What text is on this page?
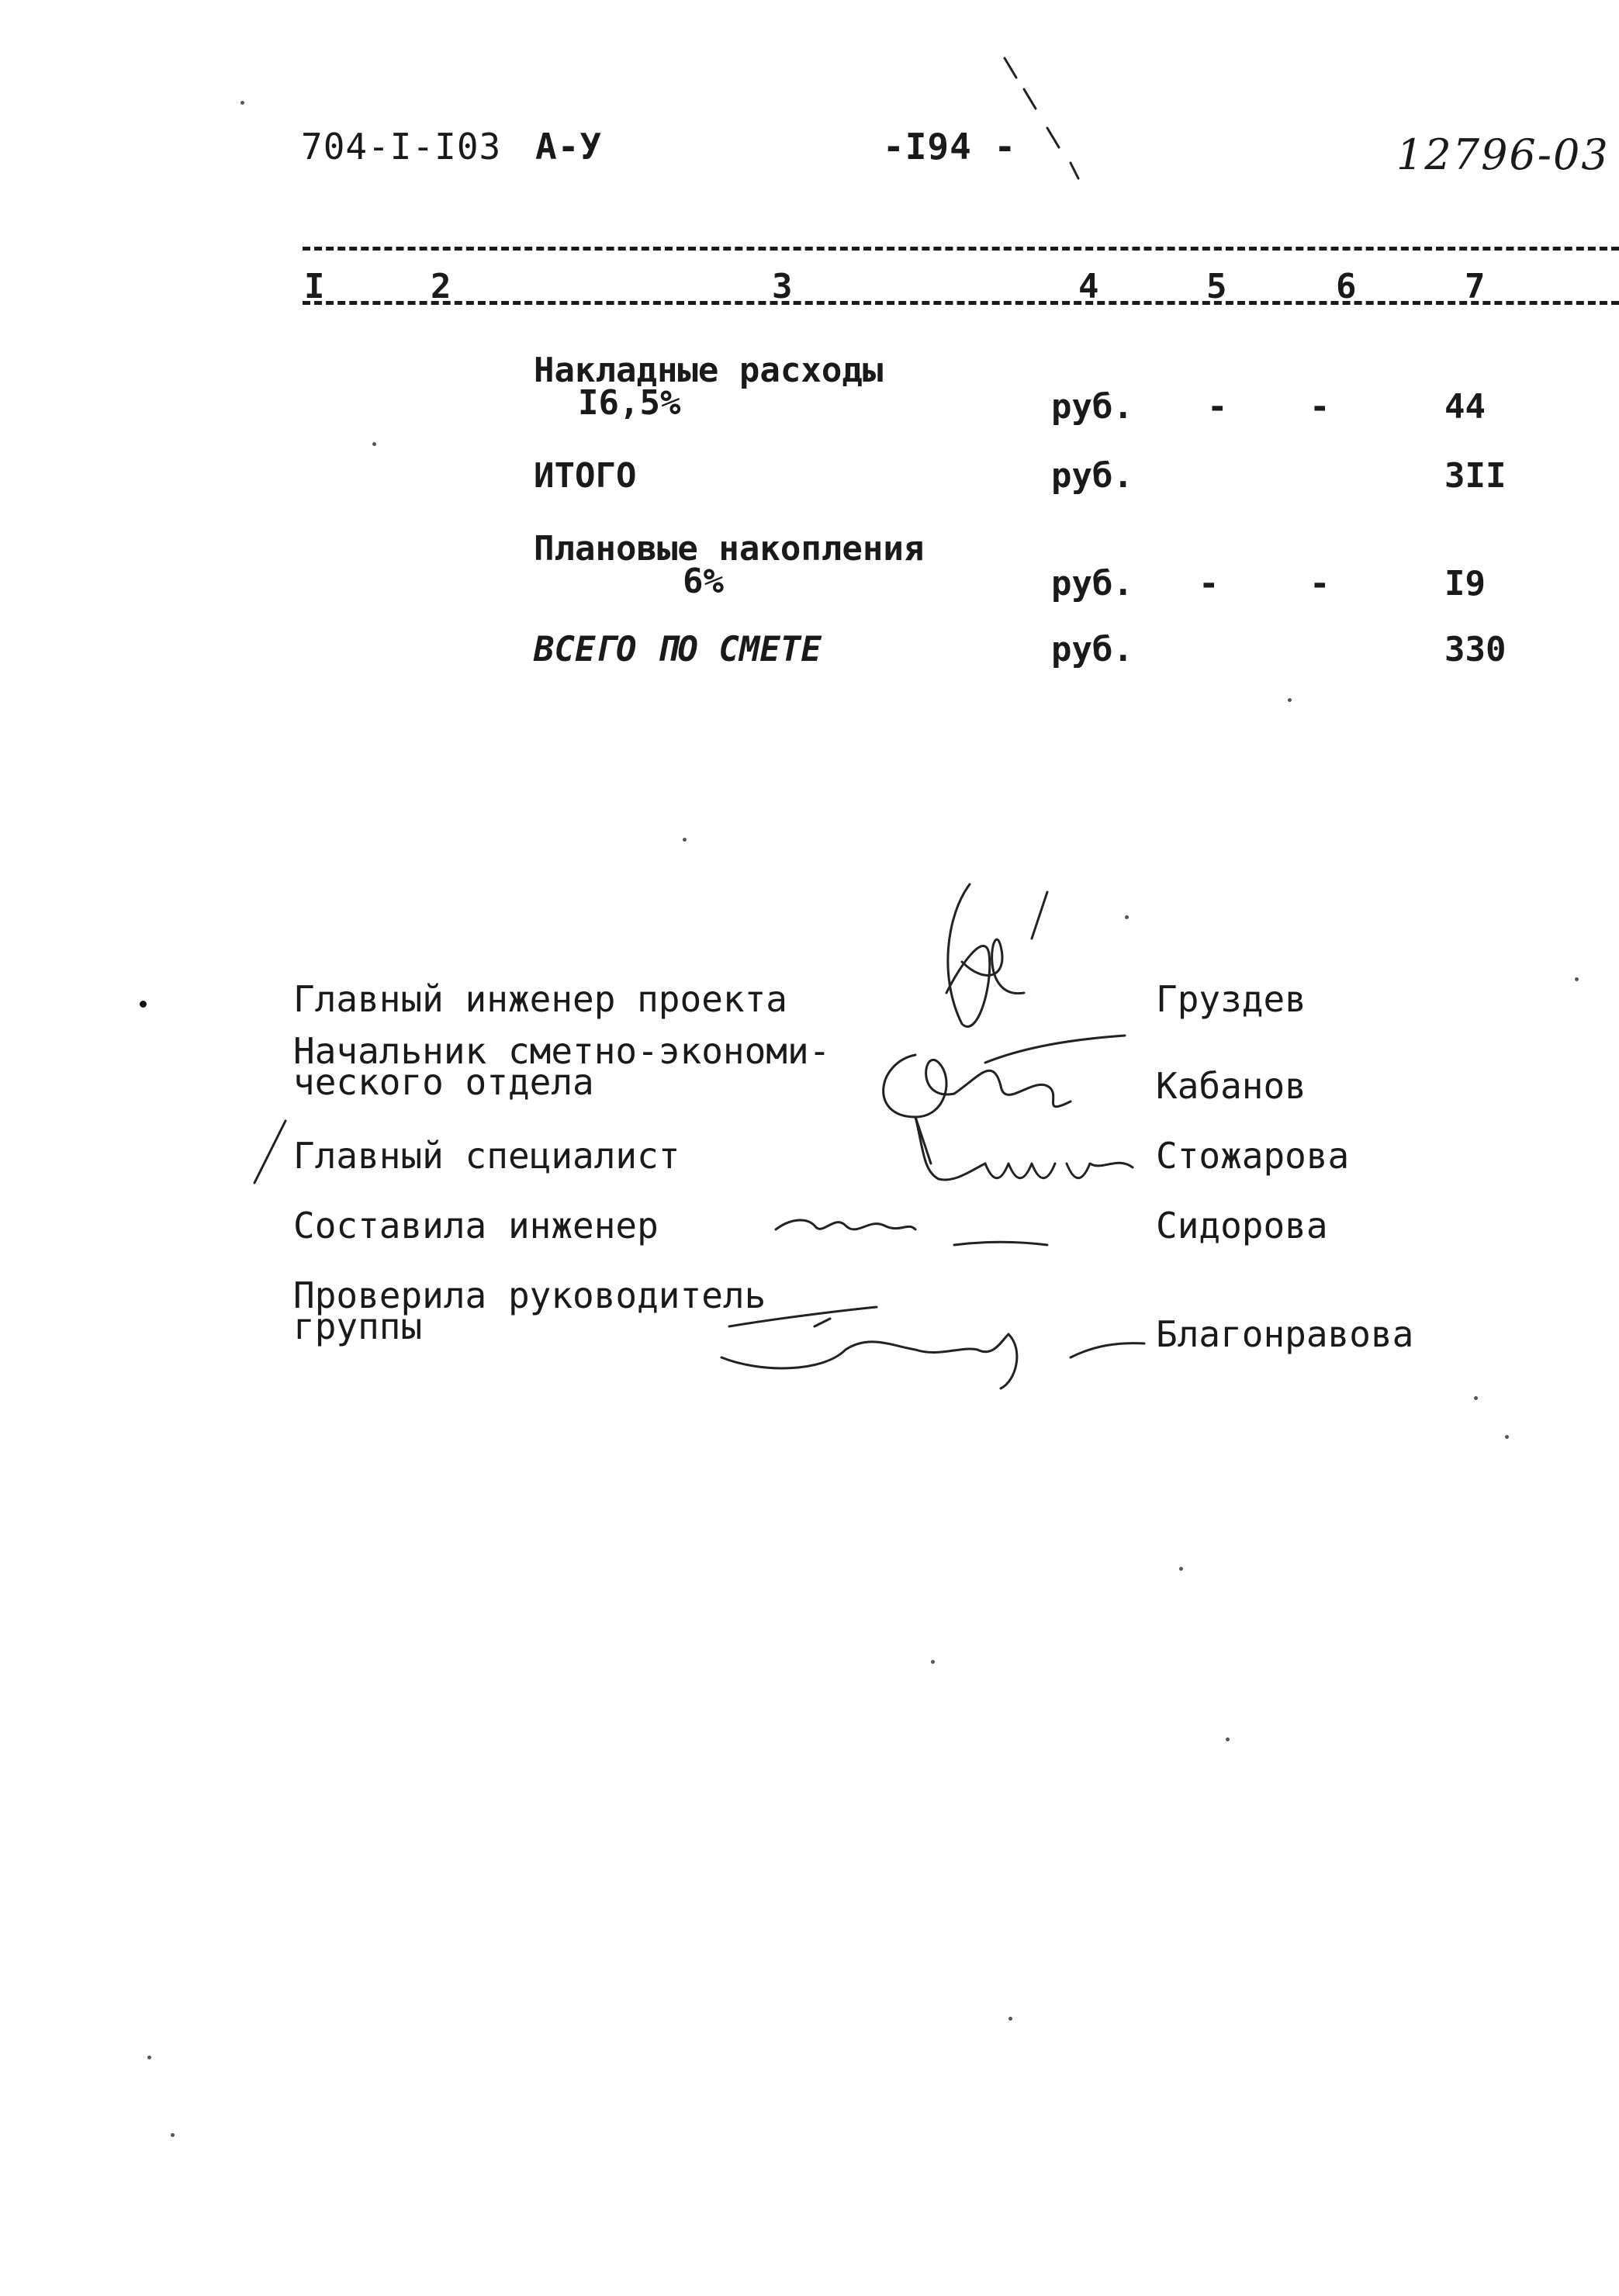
704-I-I03 А-У	-I94 -	12796-03
I	2	3	4	5	6	7
Накладные расходы
I6,5%	руб. - -	44
ИТОГО	руб.	3II
Плановые накопления
6%	руб. -	-	I9
ВСЕГО ПО СМЕТЕ	руб.	330
Главный инженер проекта	Груздев
Начальник сметно-экономи-
ческого отдела	Кабанов
Главный специалист	Стожарова
Составила инженер	Сидорова
Проверила руководитель
группы	Благонравова
